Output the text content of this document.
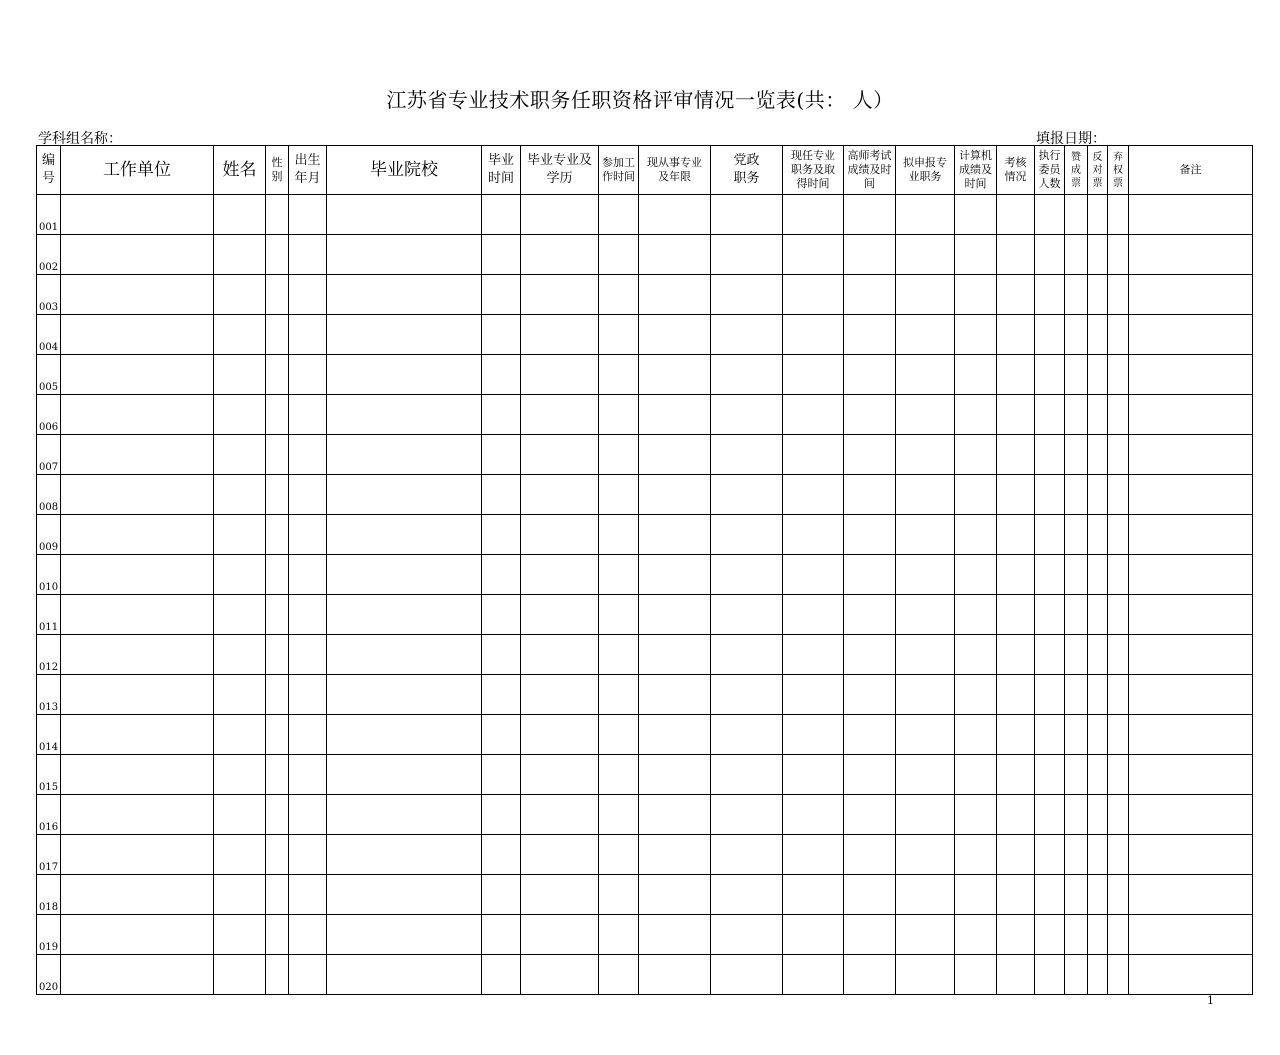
江苏省专业技术职务任职资格评审情况一览表(共： 人）
学科组名称：	填报日期：
编
号	工作单位	姓名	性
别	出生
年月	毕业院校	毕业
时间	毕业专业及
学历	参加工
作时间	现从事专业
及年限	党政
职务	现任专业
职务及取
得时间	高师考试
成绩及时
间	拟申报专
业职务	计算机
成绩及
时间	考核
情况	执行
委员
人数	赞
成
票	反
对
票	弃
权
票	备注

001																				
002																				
003																				
004																				
005																				
006																				
007																				
008																				
009																				
010																				
011																				
012																				
013																				
014																				
015																				
016																				
017																				
018																				
019																				
020																				
1
